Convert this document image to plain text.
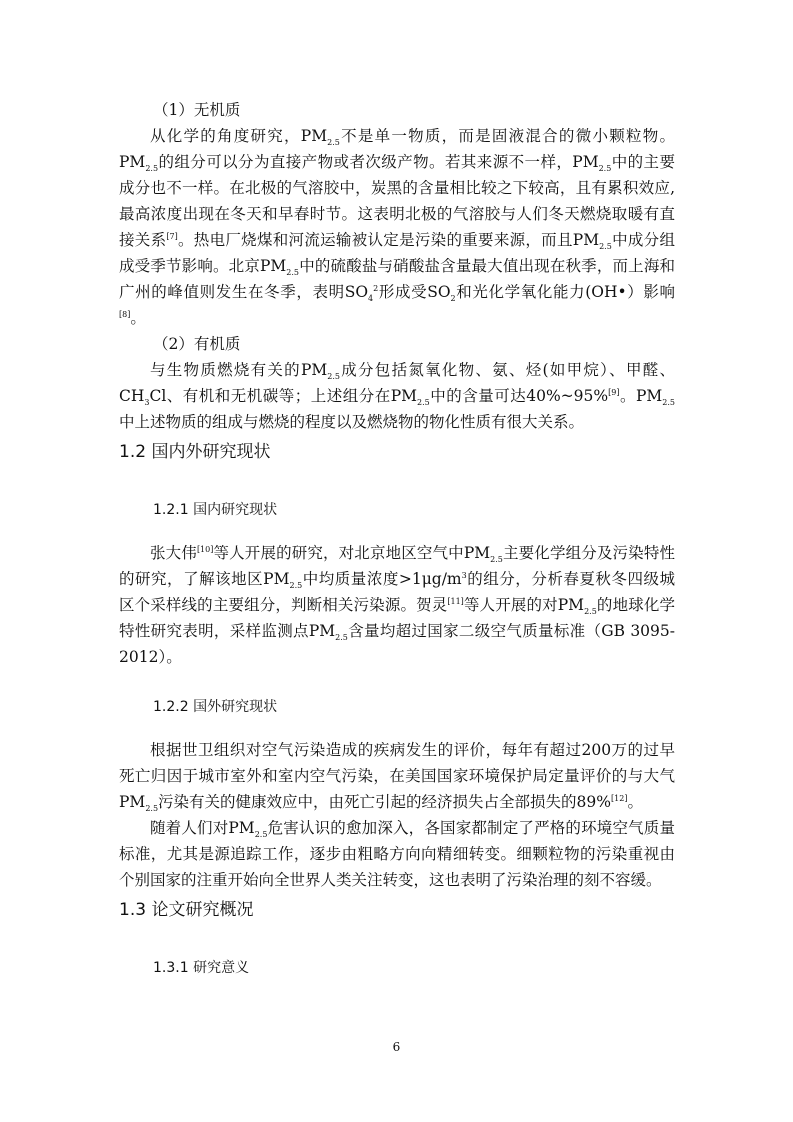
（1）无机质

从化学的角度研究，$PM_{2.5}$不是单一物质，而是固液混合的微小颗粒物。$PM_{2.5}$的组分可以分为直接产物或者次级产物。若其来源不一样，$PM_{2.5}$中的主要成分也不一样。在北极的气溶胶中，炭黑的含量相比较之下较高，且有累积效应,最高浓度出现在冬天和早春时节。这表明北极的气溶胶与人们冬天燃烧取暖有直接关系[7]。热电厂烧煤和河流运输被认定是污染的重要来源，而且$PM_{2.5}$中成分组成受季节影响。北京$PM_{2.5}$中的硫酸盐与硝酸盐含量最大值出现在秋季，而上海和广州的峰值则发生在冬季，表明$SO_4^2$形成受$SO_2$和光化学氧化能力(OH•）影响[8]。

（2）有机质

与生物质燃烧有关的$PM_{2.5}$成分包括氮氧化物、氨、烃(如甲烷）、甲醛、$CH_3Cl$、有机和无机碳等；上述组分在$PM_{2.5}$中的含量可达40%~95%[9]。$PM_{2.5}$中上述物质的组成与燃烧的程度以及燃烧物的物化性质有很大关系。

1.2 国内外研究现状
1.2.1 国内研究现状

张大伟[10]等人开展的研究，对北京地区空气中$PM_{2.5}$主要化学组分及污染特性的研究，了解该地区$PM_{2.5}$中均质量浓度$>1\mu g/m^3$的组分，分析春夏秋冬四级城区个采样线的主要组分，判断相关污染源。贺灵[11]等人开展的对$PM_{2.5}$的地球化学特性研究表明，采样监测点$PM_{2.5}$含量均超过国家二级空气质量标准（GB 3095-2012）。

1.2.2 国外研究现状

根据世卫组织对空气污染造成的疾病发生的评价，每年有超过200万的过早死亡归因于城市室外和室内空气污染，在美国国家环境保护局定量评价的与大气$PM_{2.5}$污染有关的健康效应中，由死亡引起的经济损失占全部损失的89%[12]。

随着人们对$PM_{2.5}$危害认识的愈加深入，各国家都制定了严格的环境空气质量标准，尤其是源追踪工作，逐步由粗略方向向精细转变。细颗粒物的污染重视由个别国家的注重开始向全世界人类关注转变，这也表明了污染治理的刻不容缓。

1.3 论文研究概况
1.3.1 研究意义
6
